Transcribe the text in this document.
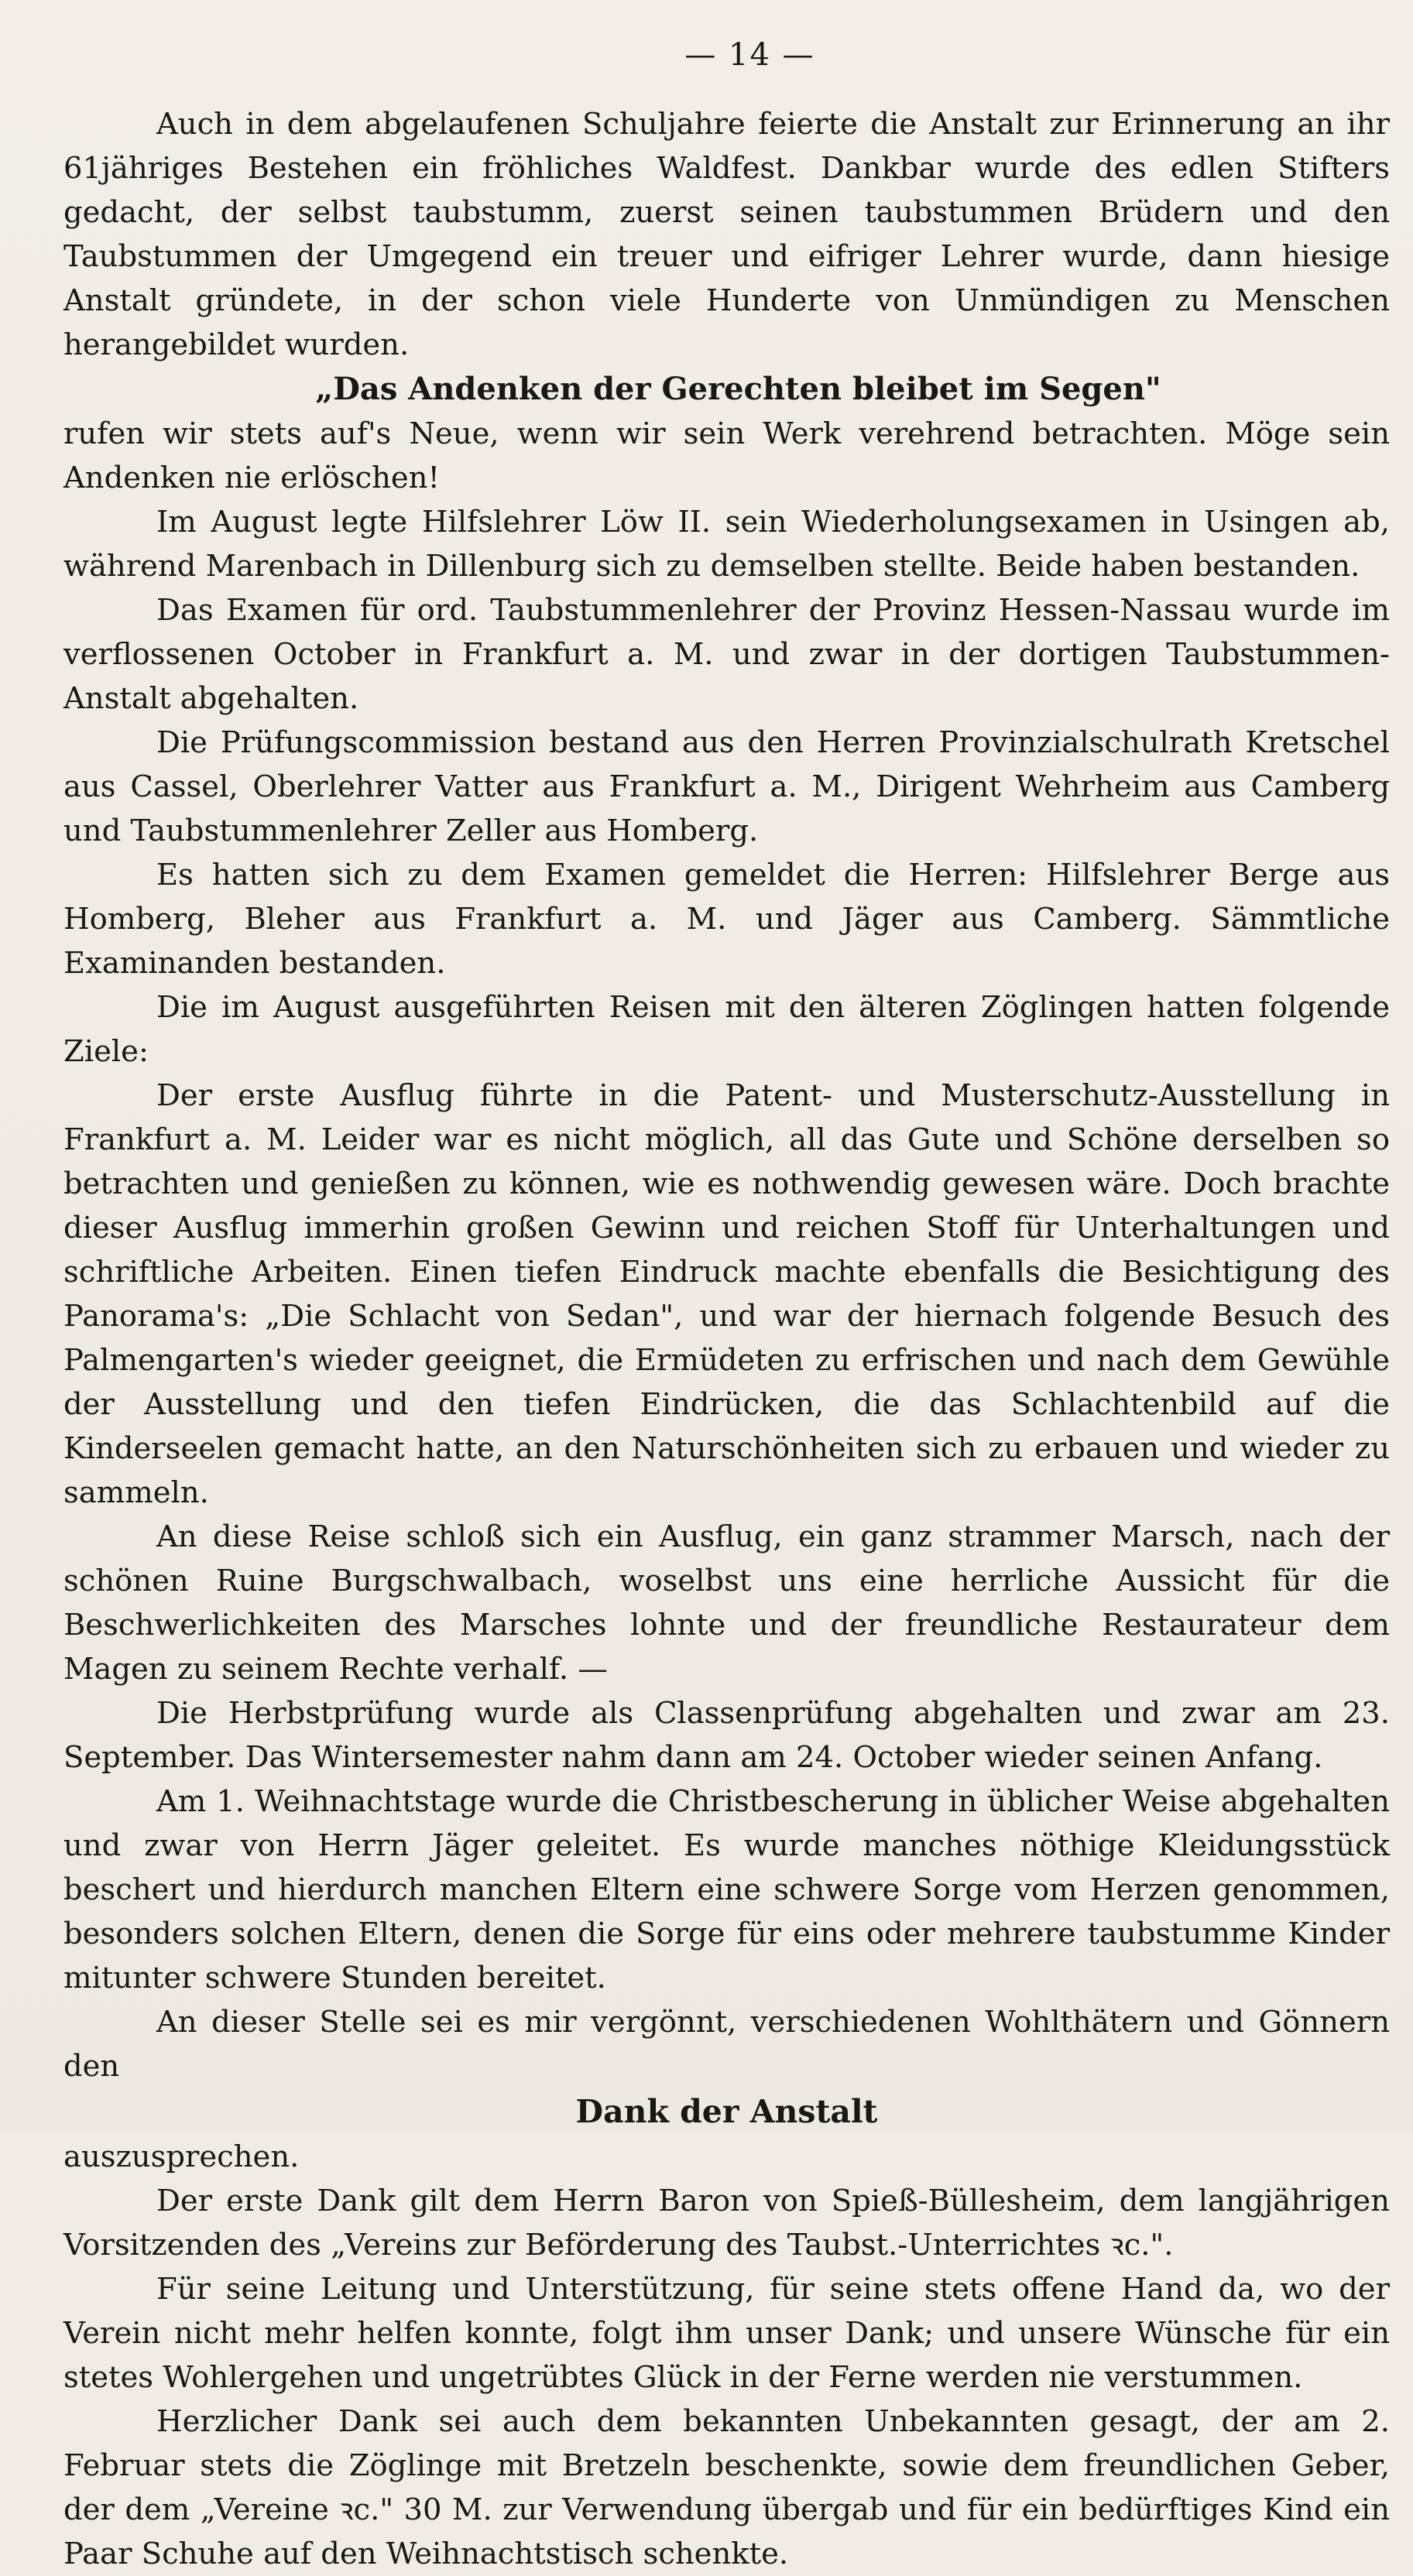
— 14 —

Auch in dem abgelaufenen Schuljahre feierte die Anstalt zur Erinnerung an ihr 61jähriges Bestehen ein fröhliches Waldfest. Dankbar wurde des edlen Stifters gedacht, der selbst taubstumm, zuerst seinen taubstummen Brüdern und den Taubstummen der Umgegend ein treuer und eifriger Lehrer wurde, dann hiesige Anstalt gründete, in der schon viele Hunderte von Unmündigen zu Menschen herangebildet wurden.

„Das Andenken der Gerechten bleibet im Segen"

rufen wir stets auf's Neue, wenn wir sein Werk verehrend betrachten. Möge sein Andenken nie erlöschen!

Im August legte Hilfslehrer Löw II. sein Wiederholungsexamen in Usingen ab, während Marenbach in Dillenburg sich zu demselben stellte. Beide haben bestanden.

Das Examen für ord. Taubstummenlehrer der Provinz Hessen-Nassau wurde im verflossenen October in Frankfurt a. M. und zwar in der dortigen Taubstummen-Anstalt abgehalten.

Die Prüfungscommission bestand aus den Herren Provinzialschulrath Kretschel aus Cassel, Oberlehrer Vatter aus Frankfurt a. M., Dirigent Wehrheim aus Camberg und Taubstummenlehrer Zeller aus Homberg.

Es hatten sich zu dem Examen gemeldet die Herren: Hilfslehrer Berge aus Homberg, Bleher aus Frankfurt a. M. und Jäger aus Camberg. Sämmtliche Examinanden bestanden.

Die im August ausgeführten Reisen mit den älteren Zöglingen hatten folgende Ziele:

Der erste Ausflug führte in die Patent- und Musterschutz-Ausstellung in Frankfurt a. M. Leider war es nicht möglich, all das Gute und Schöne derselben so betrachten und genießen zu können, wie es nothwendig gewesen wäre. Doch brachte dieser Ausflug immerhin großen Gewinn und reichen Stoff für Unterhaltungen und schriftliche Arbeiten. Einen tiefen Eindruck machte ebenfalls die Besichtigung des Panorama's: „Die Schlacht von Sedan", und war der hiernach folgende Besuch des Palmengarten's wieder geeignet, die Ermüdeten zu erfrischen und nach dem Gewühle der Ausstellung und den tiefen Eindrücken, die das Schlachtenbild auf die Kinderseelen gemacht hatte, an den Naturschönheiten sich zu erbauen und wieder zu sammeln.

An diese Reise schloß sich ein Ausflug, ein ganz strammer Marsch, nach der schönen Ruine Burgschwalbach, woselbst uns eine herrliche Aussicht für die Beschwerlichkeiten des Marsches lohnte und der freundliche Restaurateur dem Magen zu seinem Rechte verhalf. —

Die Herbstprüfung wurde als Classenprüfung abgehalten und zwar am 23. September. Das Wintersemester nahm dann am 24. October wieder seinen Anfang.

Am 1. Weihnachtstage wurde die Christbescherung in üblicher Weise abgehalten und zwar von Herrn Jäger geleitet. Es wurde manches nöthige Kleidungsstück beschert und hierdurch manchen Eltern eine schwere Sorge vom Herzen genommen, besonders solchen Eltern, denen die Sorge für eins oder mehrere taubstumme Kinder mitunter schwere Stunden bereitet.

An dieser Stelle sei es mir vergönnt, verschiedenen Wohlthätern und Gönnern den

Dank der Anstalt

auszusprechen.

Der erste Dank gilt dem Herrn Baron von Spieß-Büllesheim, dem langjährigen Vorsitzenden des „Vereins zur Beförderung des Taubst.-Unterrichtes ꝛc.".

Für seine Leitung und Unterstützung, für seine stets offene Hand da, wo der Verein nicht mehr helfen konnte, folgt ihm unser Dank; und unsere Wünsche für ein stetes Wohlergehen und ungetrübtes Glück in der Ferne werden nie verstummen.

Herzlicher Dank sei auch dem bekannten Unbekannten gesagt, der am 2. Februar stets die Zöglinge mit Bretzeln beschenkte, sowie dem freundlichen Geber, der dem „Vereine ꝛc." 30 M. zur Verwendung übergab und für ein bedürftiges Kind ein Paar Schuhe auf den Weihnachtstisch schenkte.
